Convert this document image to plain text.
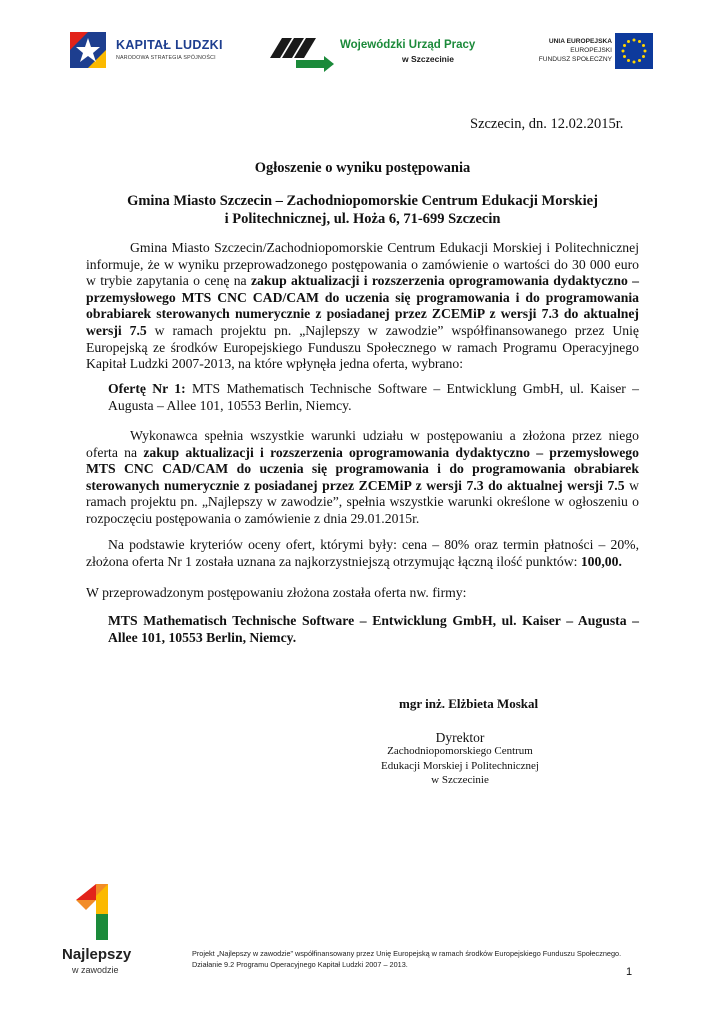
KAPITAŁ LUDZKI
NARODOWA STRATEGIA SPÓJNOŚCI
Wojewódzki Urząd Pracy
w Szczecinie
UNIA EUROPEJSKA
EUROPEJSKI
FUNDUSZ SPOŁECZNY
Szczecin, dn. 12.02.2015r.
Ogłoszenie o wyniku postępowania
Gmina Miasto Szczecin – Zachodniopomorskie Centrum Edukacji Morskiej
i Politechnicznej, ul. Hoża 6, 71-699 Szczecin
Gmina Miasto Szczecin/Zachodniopomorskie Centrum Edukacji Morskiej i Politechnicznej informuje, że w wyniku przeprowadzonego postępowania o zamówienie o wartości do 30 000 euro w trybie zapytania o cenę na zakup aktualizacji i rozszerzenia oprogramowania dydaktyczno – przemysłowego MTS CNC CAD/CAM do uczenia się programowania i do programowania obrabiarek sterowanych numerycznie z posiadanej przez ZCEMiP z wersji 7.3 do aktualnej wersji 7.5 w ramach projektu pn. „Najlepszy w zawodzie” współfinansowanego przez Unię Europejską ze środków Europejskiego Funduszu Społecznego w ramach Programu Operacyjnego Kapitał Ludzki 2007-2013, na które wpłynęła jedna oferta, wybrano:
Ofertę Nr 1: MTS Mathematisch Technische Software – Entwicklung GmbH, ul. Kaiser – Augusta – Allee 101, 10553 Berlin, Niemcy.
Wykonawca spełnia wszystkie warunki udziału w postępowaniu a złożona przez niego oferta na zakup aktualizacji i rozszerzenia oprogramowania dydaktyczno – przemysłowego MTS CNC CAD/CAM do uczenia się programowania i do programowania obrabiarek sterowanych numerycznie z posiadanej przez ZCEMiP z wersji 7.3 do aktualnej wersji 7.5 w ramach projektu pn. „Najlepszy w zawodzie”, spełnia wszystkie warunki określone w ogłoszeniu o rozpoczęciu postępowania o zamówienie z dnia 29.01.2015r.
Na podstawie kryteriów oceny ofert, którymi były: cena – 80% oraz termin płatności – 20%, złożona oferta Nr 1 została uznana za najkorzystniejszą otrzymując łączną ilość punktów: 100,00.
W przeprowadzonym postępowaniu złożona została oferta nw. firmy:
MTS Mathematisch Technische Software – Entwicklung GmbH, ul. Kaiser – Augusta – Allee 101, 10553 Berlin, Niemcy.
mgr inż. Elżbieta Moskal
Dyrektor
Zachodniopomorskiego Centrum
Edukacji Morskiej i Politechnicznej
w Szczecinie
Najlepszy
w zawodzie
Projekt „Najlepszy w zawodzie” współfinansowany przez Unię Europejską w ramach środków Europejskiego Funduszu Społecznego.
Działanie 9.2 Programu Operacyjnego Kapitał Ludzki 2007 – 2013.
1
